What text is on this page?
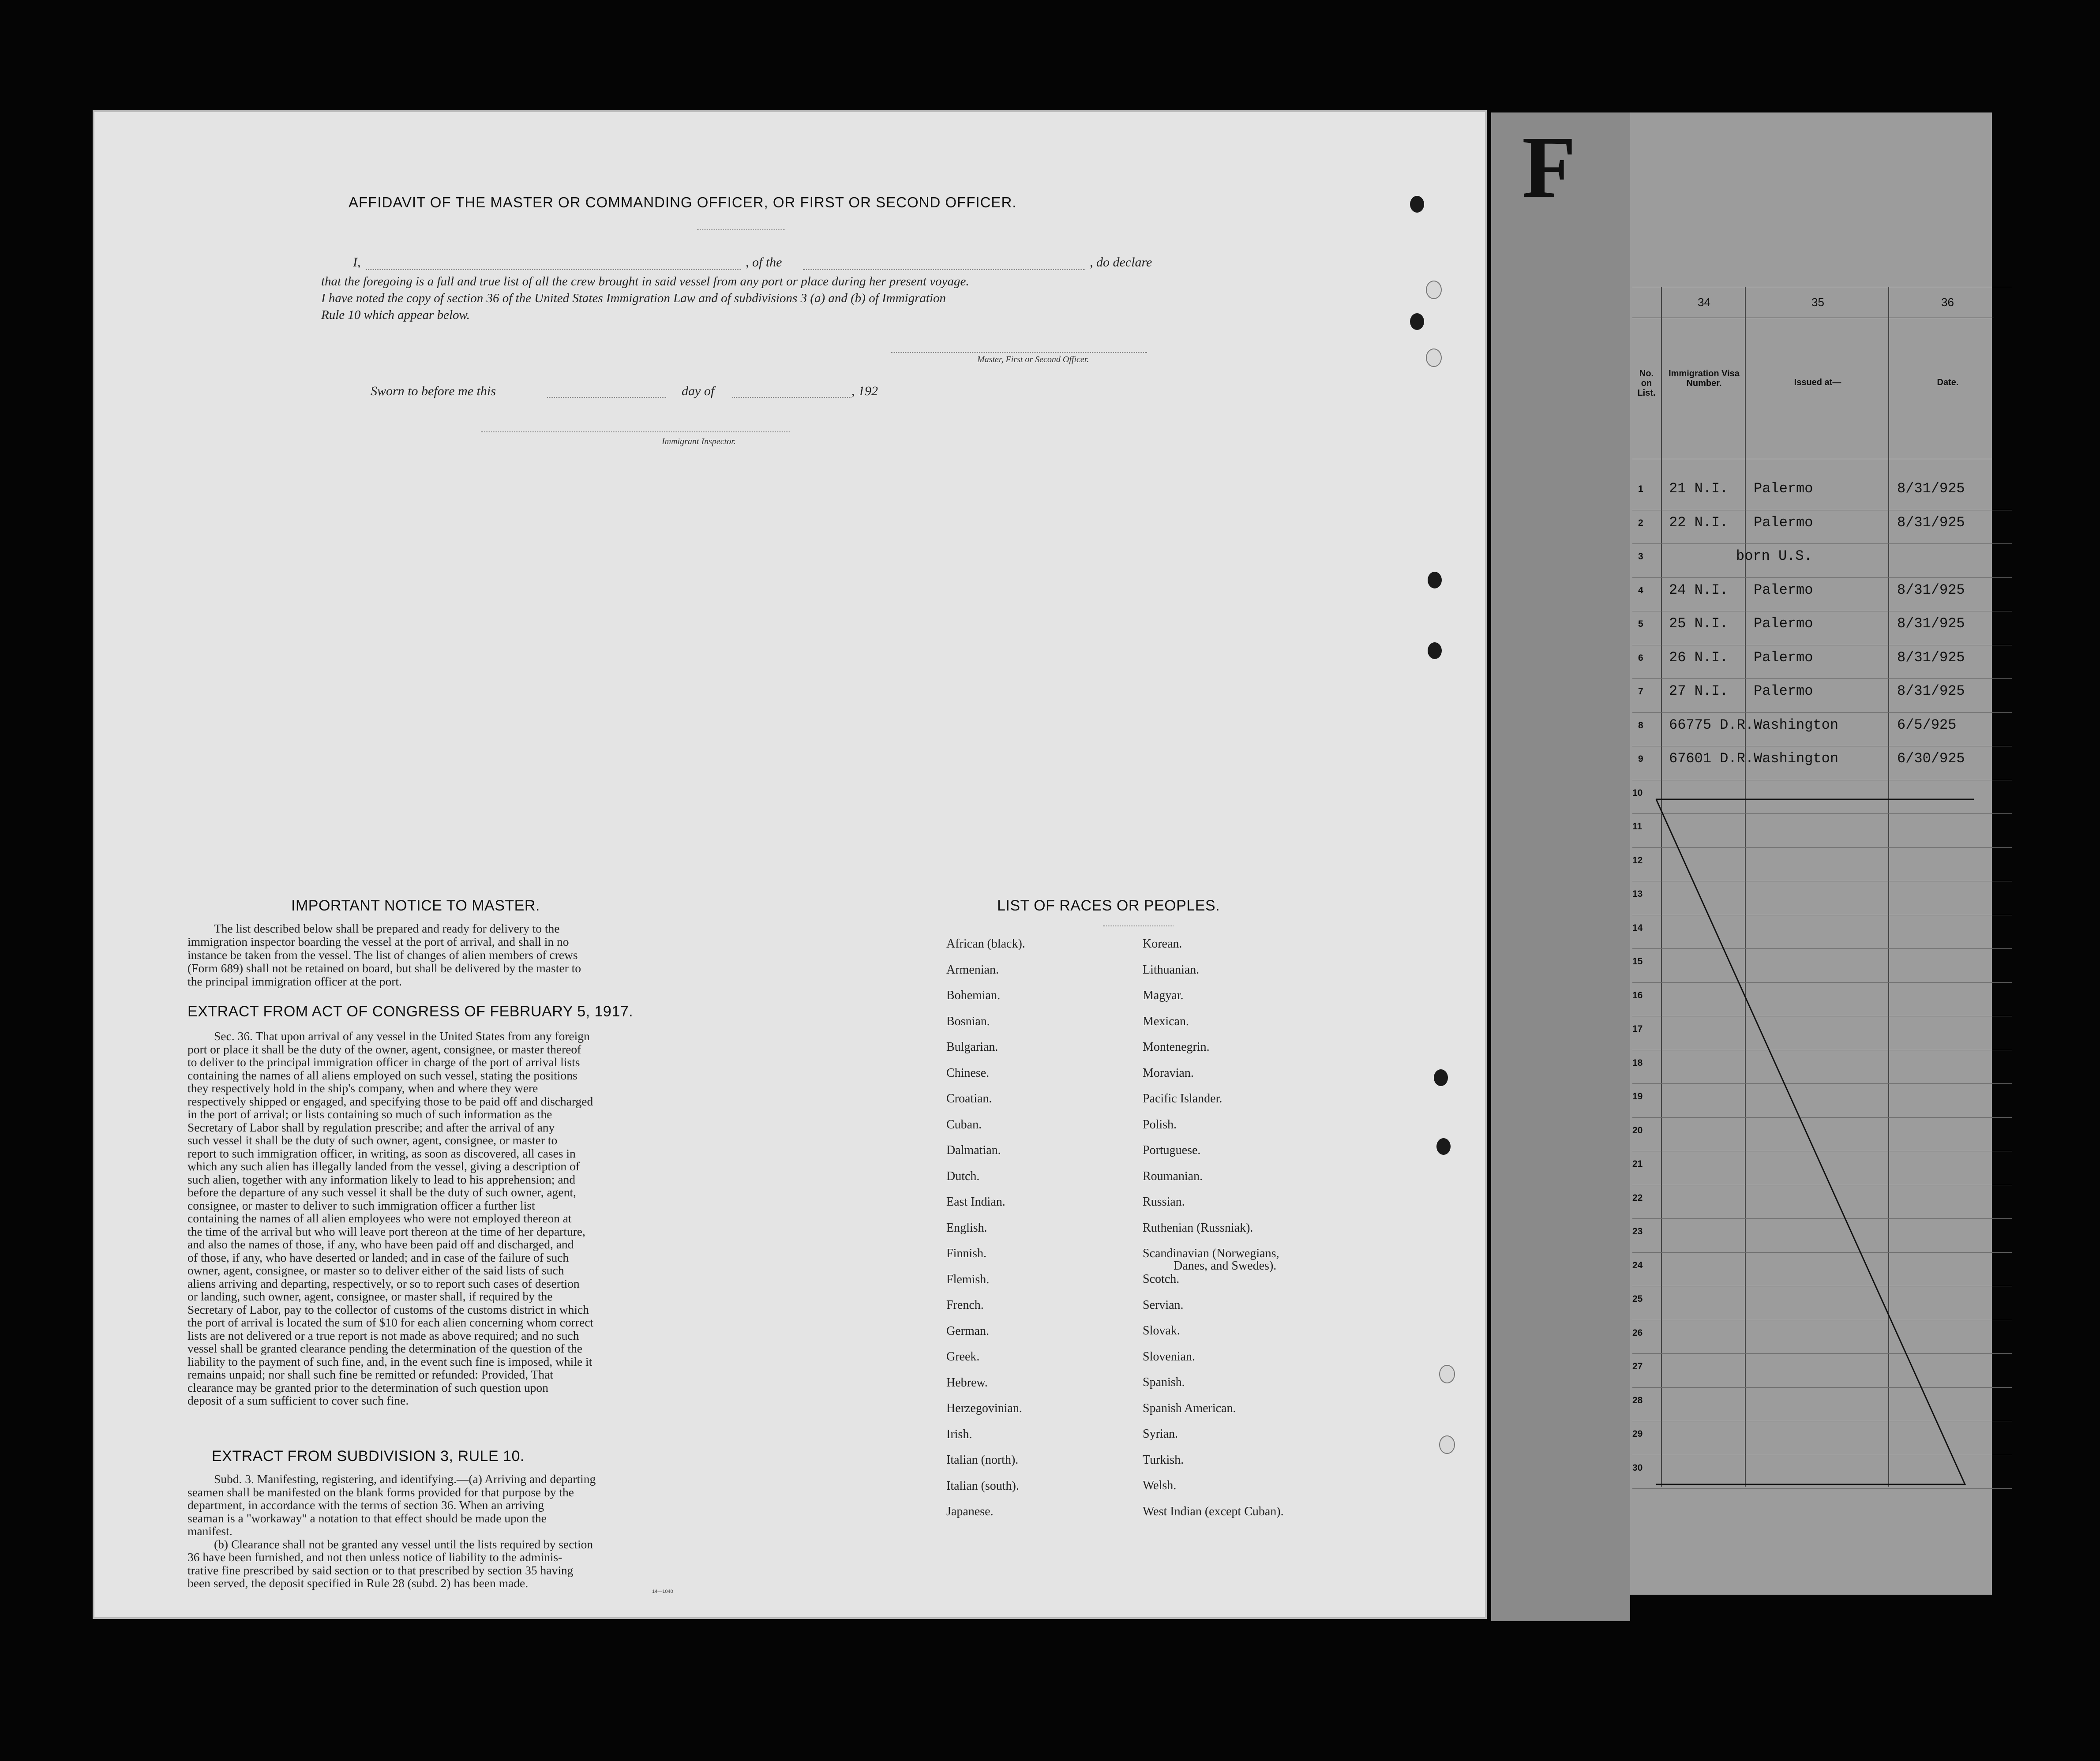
AFFIDAVIT OF THE MASTER OR COMMANDING OFFICER, OR FIRST OR SECOND OFFICER.
I,	, of the	, do declare
that the foregoing is a full and true list of all the crew brought in said vessel from any port or place during her present voyage.
I have noted the copy of section 36 of the United States Immigration Law and of subdivisions 3 (a) and (b) of Immigration
Rule 10 which appear below.
Master, First or Second Officer.
Sworn to before me this	day of	, 192
Immigrant Inspector.
IMPORTANT NOTICE TO MASTER.
The list described below shall be prepared and ready for delivery to the
immigration inspector boarding the vessel at the port of arrival, and shall in no
instance be taken from the vessel. The list of changes of alien members of crews
(Form 689) shall not be retained on board, but shall be delivered by the master to
the principal immigration officer at the port.
EXTRACT FROM ACT OF CONGRESS OF FEBRUARY 5, 1917.
Sec. 36. That upon arrival of any vessel in the United States from any foreign
port or place it shall be the duty of the owner, agent, consignee, or master thereof
to deliver to the principal immigration officer in charge of the port of arrival lists
containing the names of all aliens employed on such vessel, stating the positions
they respectively hold in the ship's company, when and where they were
respectively shipped or engaged, and specifying those to be paid off and discharged
in the port of arrival; or lists containing so much of such information as the
Secretary of Labor shall by regulation prescribe; and after the arrival of any
such vessel it shall be the duty of such owner, agent, consignee, or master to
report to such immigration officer, in writing, as soon as discovered, all cases in
which any such alien has illegally landed from the vessel, giving a description of
such alien, together with any information likely to lead to his apprehension; and
before the departure of any such vessel it shall be the duty of such owner, agent,
consignee, or master to deliver to such immigration officer a further list
containing the names of all alien employees who were not employed thereon at
the time of the arrival but who will leave port thereon at the time of her departure,
and also the names of those, if any, who have been paid off and discharged, and
of those, if any, who have deserted or landed; and in case of the failure of such
owner, agent, consignee, or master so to deliver either of the said lists of such
aliens arriving and departing, respectively, or so to report such cases of desertion
or landing, such owner, agent, consignee, or master shall, if required by the
Secretary of Labor, pay to the collector of customs of the customs district in which
the port of arrival is located the sum of $10 for each alien concerning whom correct
lists are not delivered or a true report is not made as above required; and no such
vessel shall be granted clearance pending the determination of the question of the
liability to the payment of such fine, and, in the event such fine is imposed, while it
remains unpaid; nor shall such fine be remitted or refunded: Provided, That
clearance may be granted prior to the determination of such question upon
deposit of a sum sufficient to cover such fine.
EXTRACT FROM SUBDIVISION 3, RULE 10.
Subd. 3. Manifesting, registering, and identifying.—(a) Arriving and departing
seamen shall be manifested on the blank forms provided for that purpose by the
department, in accordance with the terms of section 36. When an arriving
seaman is a "workaway" a notation to that effect should be made upon the
manifest.
(b) Clearance shall not be granted any vessel until the lists required by section
36 have been furnished, and not then unless notice of liability to the adminis-
trative fine prescribed by said section or to that prescribed by section 35 having
been served, the deposit specified in Rule 28 (subd. 2) has been made.
14—1040
LIST OF RACES OR PEOPLES.
African (black).
Armenian.
Bohemian.
Bosnian.
Bulgarian.
Chinese.
Croatian.
Cuban.
Dalmatian.
Dutch.
East Indian.
English.
Finnish.
Flemish.
French.
German.
Greek.
Hebrew.
Herzegovinian.
Irish.
Italian (north).
Italian (south).
Japanese.
Korean.
Lithuanian.
Magyar.
Mexican.
Montenegrin.
Moravian.
Pacific Islander.
Polish.
Portuguese.
Roumanian.
Russian.
Ruthenian (Russniak).
Scandinavian (Norwegians,
Danes, and Swedes).
Scotch.
Servian.
Slovak.
Slovenian.
Spanish.
Spanish American.
Syrian.
Turkish.
Welsh.
West Indian (except Cuban).
F
34	35	36
No. on List.
Immigration Visa Number.	Issued at—	Date.
1 21 N.I. Palermo	8/31/925
2 22 N.I. Palermo	8/31/925
3	born U.S.
4 24 N.I. Palermo	8/31/925
5 25 N.I. Palermo	8/31/925
6 26 N.I. Palermo	8/31/925
7 27 N.I. Palermo	8/31/925
8 66775 D.R. Washington	6/5/925
9 67601 D.R. Washington	6/30/925
10
11
12
13
14
15
16
17
18
19
20
21
22
23
24
25
26
27
28
29
30
